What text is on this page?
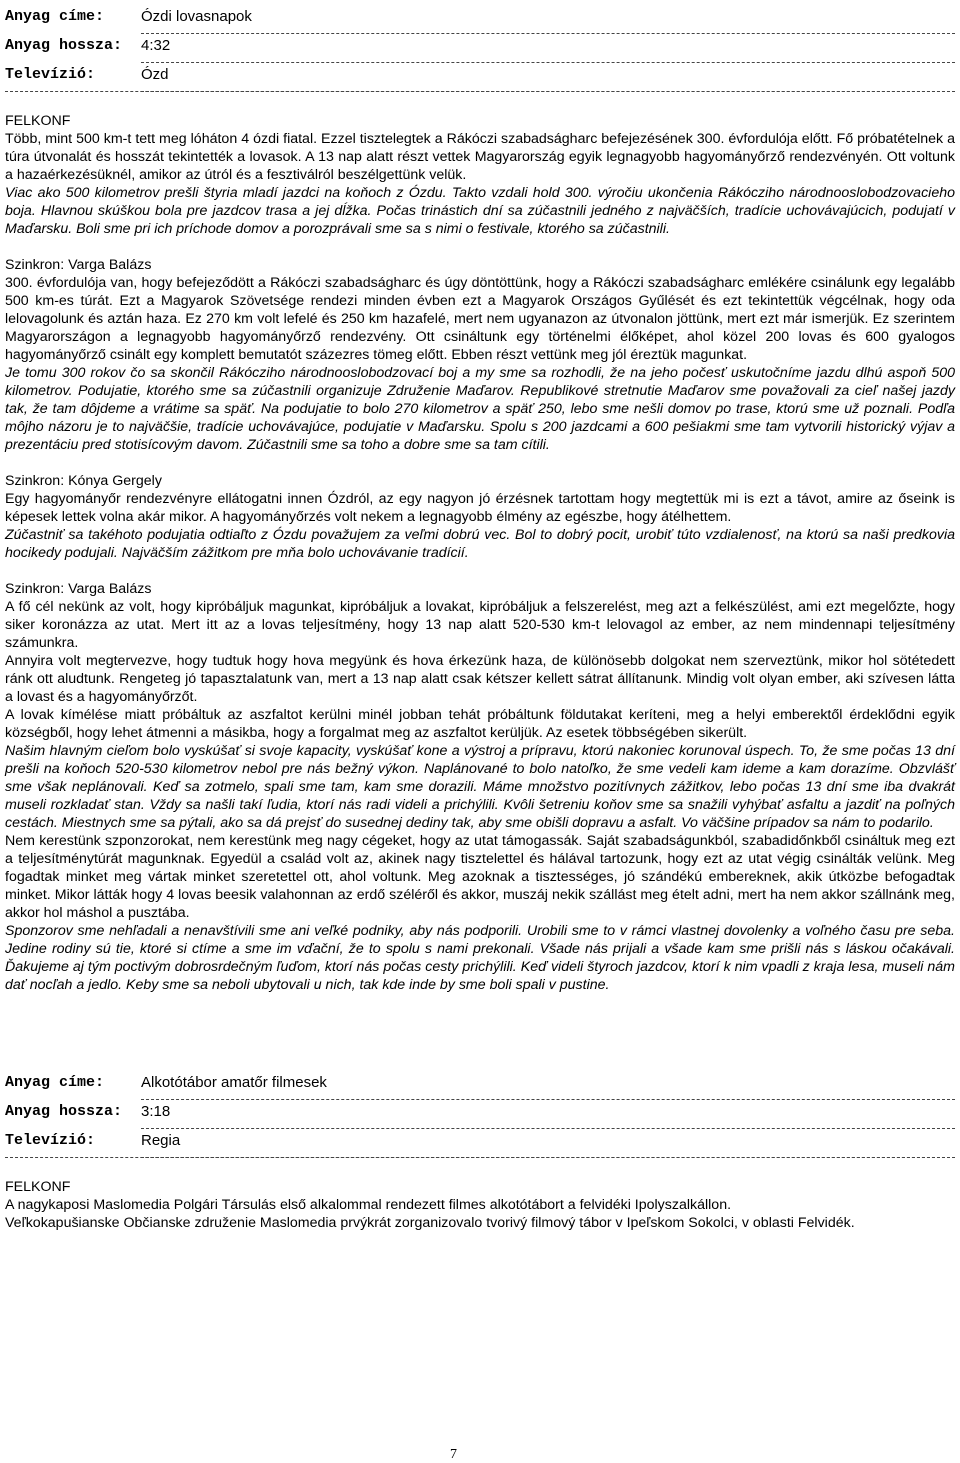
Anyag címe: Ózdi lovasnapok
Anyag hossza: 4:32
Televízió:	Ózd

FELKONF

Több, mint 500 km-t tett meg lóháton 4 ózdi fiatal. Ezzel tisztelegtek a Rákóczi szabadságharc befejezésének 300. évfordulója előtt. Fő próbatételnek a túra útvonalát és hosszát tekintették a lovasok. A 13 nap alatt részt vettek Magyarország egyik legnagyobb hagyományőrző rendezvényén. Ott voltunk a hazaérkezésüknél, amikor az útról és a fesztiválról beszélgettünk velük.

Viac ako 500 kilometrov prešli štyria mladí jazdci na koňoch z Ózdu. Takto vzdali hold 300. výročiu ukončenia Rákócziho národnooslobodzovacieho boja. Hlavnou skúškou bola pre jazdcov trasa a jej dĺžka. Počas trinástich dní sa zúčastnili jedného z najväčších, tradície uchovávajúcich, podujatí v Maďarsku. Boli sme pri ich príchode domov a porozprávali sme sa s nimi o festivale, ktorého sa zúčastnili.

Szinkron: Varga Balázs

300. évfordulója van, hogy befejeződött a Rákóczi szabadságharc és úgy döntöttünk, hogy a Rákóczi szabadságharc emlékére csinálunk egy legalább 500 km-es túrát. Ezt a Magyarok Szövetsége rendezi minden évben ezt a Magyarok Országos Gyűlését és ezt tekintettük végcélnak, hogy oda lelovagolunk és aztán haza. Ez 270 km volt lefelé és 250 km hazafelé, mert nem ugyanazon az útvonalon jöttünk, mert ezt már ismerjük. Ez szerintem Magyarországon a legnagyobb hagyományőrző rendezvény. Ott csináltunk egy történelmi élőképet, ahol közel 200 lovas és 600 gyalogos hagyományőrző csinált egy komplett bemutatót százezres tömeg előtt. Ebben részt vettünk meg jól éreztük magunkat.

Je tomu 300 rokov čo sa skončil Rákócziho národnooslobodzovací boj a my sme sa rozhodli, že na jeho počesť uskutočníme jazdu dlhú aspoň 500 kilometrov. Podujatie, ktorého sme sa zúčastnili organizuje Združenie Maďarov. Republikové stretnutie Maďarov sme považovali za cieľ našej jazdy tak, že tam dôjdeme a vrátime sa späť. Na podujatie to bolo 270 kilometrov a späť 250, lebo sme nešli domov po trase, ktorú sme už poznali. Podľa môjho názoru je to najväčšie, tradície uchovávajúce, podujatie v Maďarsku. Spolu s 200 jazdcami a 600 pešiakmi sme tam vytvorili historický výjav a prezentáciu pred stotisícovým davom. Zúčastnili sme sa toho a dobre sme sa tam cítili.

Szinkron: Kónya Gergely

Egy hagyományőr rendezvényre ellátogatni innen Ózdról, az egy nagyon jó érzésnek tartottam hogy megtettük mi is ezt a távot, amire az őseink is képesek lettek volna akár mikor. A hagyományőrzés volt nekem a legnagyobb élmény az egészbe, hogy átélhettem.

Zúčastniť sa takéhoto podujatia odtiaľto z Ózdu považujem za veľmi dobrú vec. Bol to dobrý pocit, urobiť túto vzdialenosť, na ktorú sa naši predkovia hocikedy podujali. Najväčším zážitkom pre mňa bolo uchovávanie tradícií.

Szinkron: Varga Balázs

A fő cél nekünk az volt, hogy kipróbáljuk magunkat, kipróbáljuk a lovakat, kipróbáljuk a felszerelést, meg azt a felkészülést, ami ezt megelőzte, hogy siker koronázza az utat. Mert itt az a lovas teljesítmény, hogy 13 nap alatt 520-530 km-t lelovagol az ember, az nem mindennapi teljesítmény számunkra.

Annyira volt megtervezve, hogy tudtuk hogy hova megyünk és hova érkezünk haza, de különösebb dolgokat nem szerveztünk, mikor hol sötétedett ránk ott aludtunk. Rengeteg jó tapasztalatunk van, mert a 13 nap alatt csak kétszer kellett sátrat állítanunk. Mindig volt olyan ember, aki szívesen látta a lovast és a hagyományőrzőt.

A lovak kímélése miatt próbáltuk az aszfaltot kerülni minél jobban tehát próbáltunk földutakat keríteni, meg a helyi emberektől érdeklődni egyik községből, hogy lehet átmenni a másikba, hogy a forgalmat meg az aszfaltot kerüljük. Az esetek többségében sikerült.

Našim hlavným cieľom bolo vyskúšať si svoje kapacity, vyskúšať kone a výstroj a prípravu, ktorú nakoniec korunoval úspech. To, že sme počas 13 dní prešli na koňoch 520-530 kilometrov nebol pre nás bežný výkon. Naplánované to bolo natoľko, že sme vedeli kam ideme a kam dorazíme. Obzvlášť sme však neplánovali. Keď sa zotmelo, spali sme tam, kam sme dorazili. Máme množstvo pozitívnych zážitkov, lebo počas 13 dní sme iba dvakrát museli rozkladať stan. Vždy sa našli takí ľudia, ktorí nás radi videli a prichýlili. Kvôli šetreniu koňov sme sa snažili vyhýbať asfaltu a jazdiť na poľných cestách. Miestnych sme sa pýtali, ako sa dá prejsť do susednej dediny tak, aby sme obišli dopravu a asfalt. Vo väčšine prípadov sa nám to podarilo.

Nem kerestünk szponzorokat, nem kerestünk meg nagy cégeket, hogy az utat támogassák. Saját szabadságunkból, szabadidőnkből csináltuk meg ezt a teljesítménytúrát magunknak. Egyedül a család volt az, akinek nagy tisztelettel és hálával tartozunk, hogy ezt az utat végig csinálták velünk. Meg fogadtak minket meg vártak minket szeretettel ott, ahol voltunk. Meg azoknak a tisztességes, jó szándékú embereknek, akik útközbe befogadtak minket. Mikor látták hogy 4 lovas beesik valahonnan az erdő széléről és akkor, muszáj nekik szállást meg ételt adni, mert ha nem akkor szállnánk meg, akkor hol máshol a pusztába.

Sponzorov sme nehľadali a nenavštívili sme ani veľké podniky, aby nás podporili. Urobili sme to v rámci vlastnej dovolenky a voľného času pre seba. Jedine rodiny sú tie, ktoré si ctíme a sme im vďační, že to spolu s nami prekonali. Všade nás prijali a všade kam sme prišli nás s láskou očakávali. Ďakujeme aj tým poctivým dobrosrdečným ľuďom, ktorí nás počas cesty prichýlili. Keď videli štyroch jazdcov, ktorí k nim vpadli z kraja lesa, museli nám dať nocľah a jedlo. Keby sme sa neboli ubytovali u nich, tak kde inde by sme boli spali v pustine.

Anyag címe: Alkotótábor amatőr filmesek
Anyag hossza: 3:18
Televízió:	Regia

FELKONF

A nagykaposi Maslomedia Polgári Társulás első alkalommal rendezett filmes alkotótábort a felvidéki Ipolyszalkállon.

Veľkokapušianske Občianske združenie Maslomedia prvýkrát zorganizovalo tvorivý filmový tábor v Ipeľskom Sokolci, v oblasti Felvidék.

7
